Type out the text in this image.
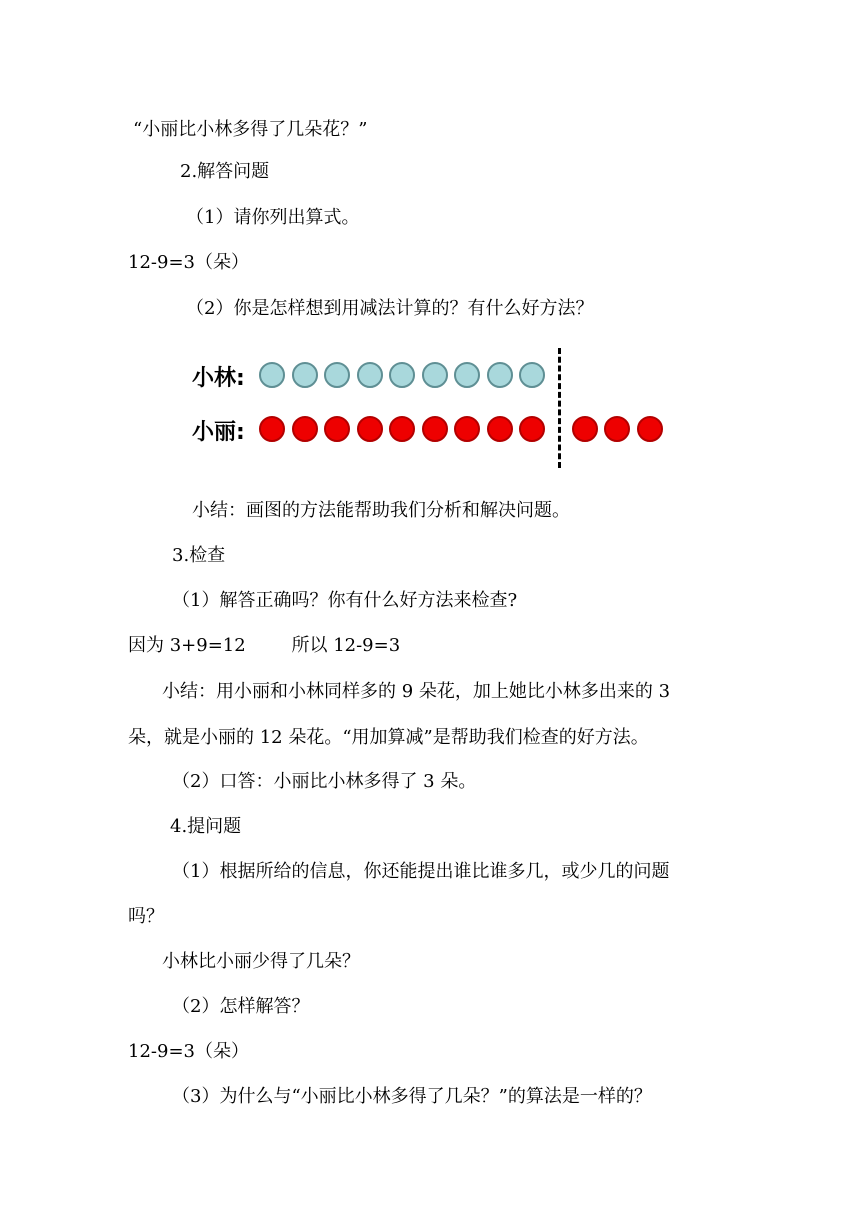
“小丽比小林多得了几朵花？”
2.解答问题
（1）请你列出算式。
12-9=3（朵）
（2）你是怎样想到用减法计算的？有什么好方法？
小林:
小丽:
小结：画图的方法能帮助我们分析和解决问题。
3.检查
（1）解答正确吗？你有什么好方法来检查?
因为 3+9=12        所以 12-9=3
小结：用小丽和小林同样多的 9 朵花，加上她比小林多出来的 3
朵，就是小丽的 12 朵花。“用加算减”是帮助我们检查的好方法。
（2）口答：小丽比小林多得了 3 朵。
4.提问题
（1）根据所给的信息，你还能提出谁比谁多几，或少几的问题
吗？
小林比小丽少得了几朵？
（2）怎样解答？
12-9=3（朵）
（3）为什么与“小丽比小林多得了几朵？”的算法是一样的？
